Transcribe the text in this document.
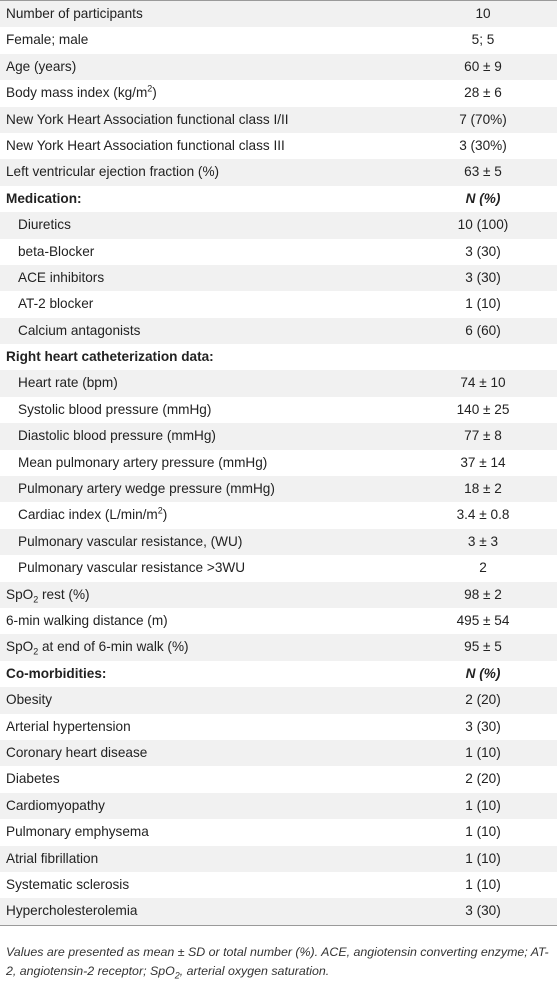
Number of participants	10
Female; male	5; 5
Age (years)	60 ± 9
Body mass index $(kg/m^2)$	28 ± 6
New York Heart Association functional class I/II	7 (70%)
New York Heart Association functional class III	3 (30%)
Left ventricular ejection fraction (%)	63 ± 5
Medication:	N (%)
Diuretics	10 (100)
beta-Blocker	3 (30)
ACE inhibitors	3 (30)
AT-2 blocker	1 (10)
Calcium antagonists	6 (60)
Right heart catheterization data:
Heart rate (bpm)	74 ± 10
Systolic blood pressure (mmHg)	140 ± 25
Diastolic blood pressure (mmHg)	77 ± 8
Mean pulmonary artery pressure (mmHg)	37 ± 14
Pulmonary artery wedge pressure (mmHg)	18 ± 2
Cardiac index $(L/\min/m^2)$	3.4 ± 0.8
Pulmonary vascular resistance, (WU)	3 ± 3
Pulmonary vascular resistance >3WU	2
SpO$_2$ rest (%)	98 ± 2
6-min walking distance (m)	495 ± 54
SpO$_2$ at end of 6-min walk (%)	95 ± 5
Co-morbidities:	N (%)
Obesity	2 (20)
Arterial hypertension	3 (30)
Coronary heart disease	1 (10)
Diabetes	2 (20)
Cardiomyopathy	1 (10)
Pulmonary emphysema	1 (10)
Atrial fibrillation	1 (10)
Systematic sclerosis	1 (10)
Hypercholesterolemia	3 (30)
Values are presented as mean ± SD or total number (%). ACE, angiotensin converting enzyme; AT-2, angiotensin-2 receptor; SpO$_2$, arterial oxygen saturation.
